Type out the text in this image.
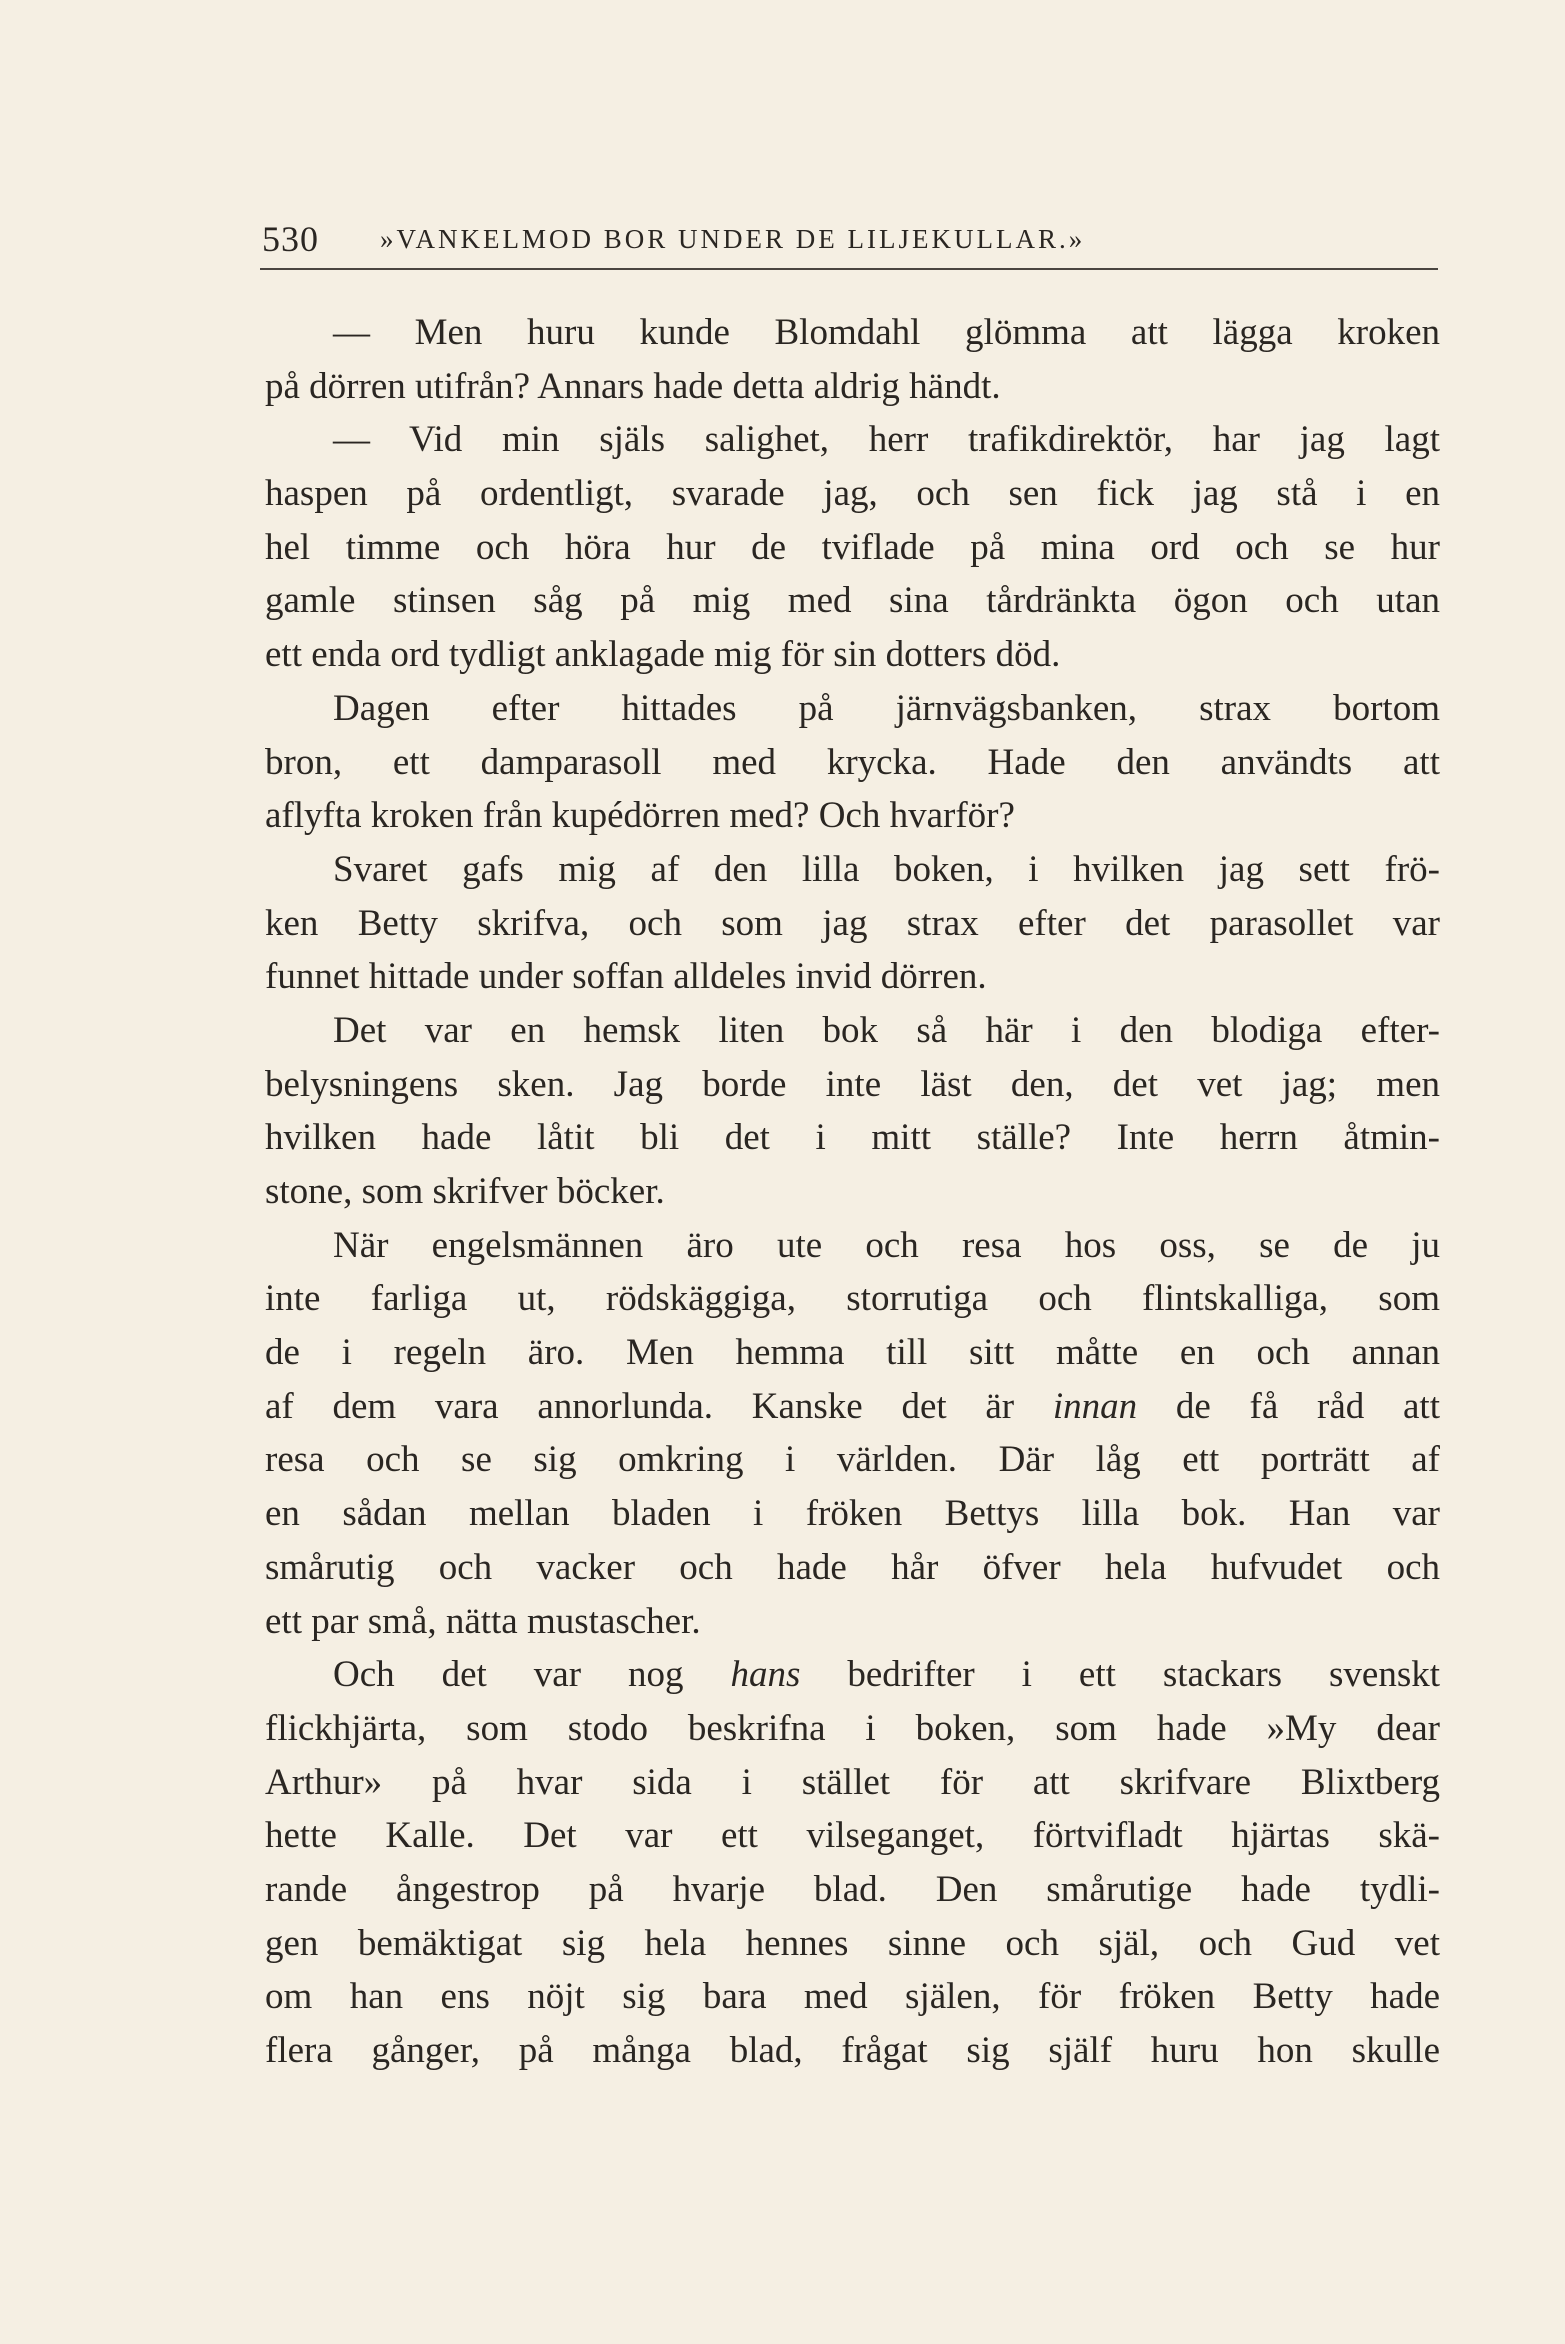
530 »VANKELMOD BOR UNDER DE LILJEKULLAR.»
— Men huru kunde Blomdahl glömma att lägga kroken
på dörren utifrån? Annars hade detta aldrig händt.
— Vid min själs salighet, herr trafikdirektör, har jag lagt
haspen på ordentligt, svarade jag, och sen fick jag stå i en
hel timme och höra hur de tviflade på mina ord och se hur
gamle stinsen såg på mig med sina tårdränkta ögon och utan
ett enda ord tydligt anklagade mig för sin dotters död.
Dagen efter hittades på järnvägsbanken, strax bortom
bron, ett damparasoll med krycka. Hade den användts att
aflyfta kroken från kupédörren med? Och hvarför?
Svaret gafs mig af den lilla boken, i hvilken jag sett frö-
ken Betty skrifva, och som jag strax efter det parasollet var
funnet hittade under soffan alldeles invid dörren.
Det var en hemsk liten bok så här i den blodiga efter-
belysningens sken. Jag borde inte läst den, det vet jag; men
hvilken hade låtit bli det i mitt ställe? Inte herrn åtmin-
stone, som skrifver böcker.
När engelsmännen äro ute och resa hos oss, se de ju
inte farliga ut, rödskäggiga, storrutiga och flintskalliga, som
de i regeln äro. Men hemma till sitt måtte en och annan
af dem vara annorlunda. Kanske det är innan de få råd att
resa och se sig omkring i världen. Där låg ett porträtt af
en sådan mellan bladen i fröken Bettys lilla bok. Han var
smårutig och vacker och hade hår öfver hela hufvudet och
ett par små, nätta mustascher.
Och det var nog hans bedrifter i ett stackars svenskt
flickhjärta, som stodo beskrifna i boken, som hade »My dear
Arthur» på hvar sida i stället för att skrifvare Blixtberg
hette Kalle. Det var ett vilseganget, förtvifladt hjärtas skä-
rande ångestrop på hvarje blad. Den smårutige hade tydli-
gen bemäktigat sig hela hennes sinne och själ, och Gud vet
om han ens nöjt sig bara med själen, för fröken Betty hade
flera gånger, på många blad, frågat sig själf huru hon skulle
